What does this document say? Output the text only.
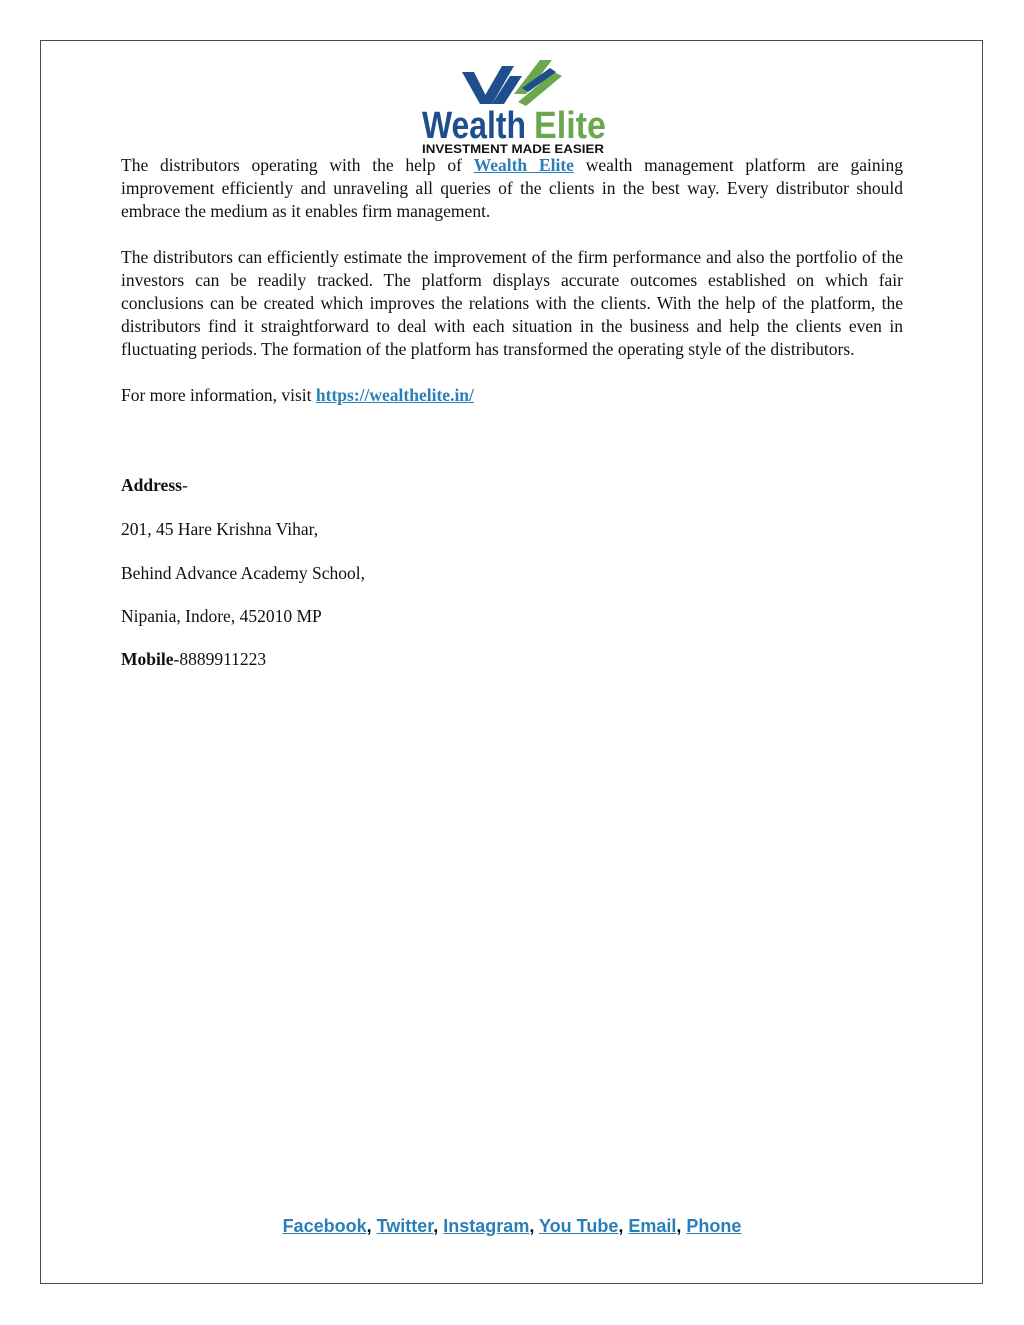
Wealth Elite
INVESTMENT MADE EASIER

The distributors operating with the help of Wealth Elite wealth management platform are gaining improvement efficiently and unraveling all queries of the clients in the best way. Every distributor should embrace the medium as it enables firm management.

The distributors can efficiently estimate the improvement of the firm performance and also the portfolio of the investors can be readily tracked. The platform displays accurate outcomes established on which fair conclusions can be created which improves the relations with the clients. With the help of the platform, the distributors find it straightforward to deal with each situation in the business and help the clients even in fluctuating periods. The formation of the platform has transformed the operating style of the distributors.

For more information, visit https://wealthelite.in/

Address-
201, 45 Hare Krishna Vihar,
Behind Advance Academy School,
Nipania, Indore, 452010 MP
Mobile-8889911223
Facebook, Twitter, Instagram, You Tube, Email, Phone
